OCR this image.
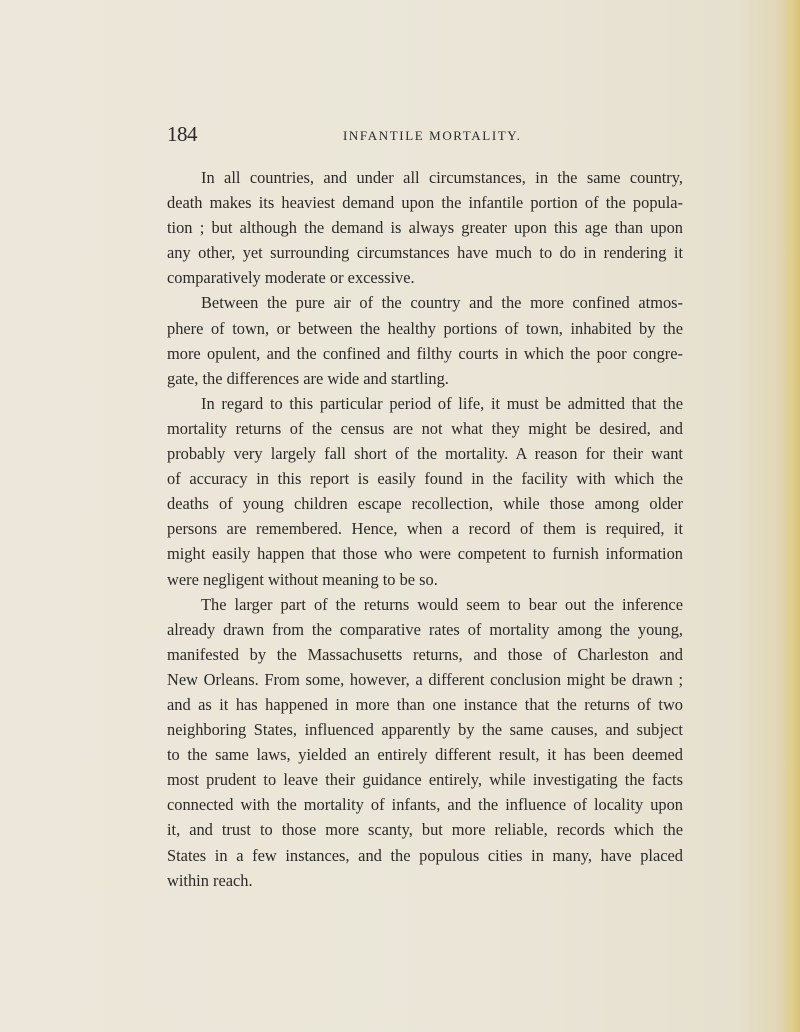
184	INFANTILE MORTALITY.

In all countries, and under all circumstances, in the same country,
death makes its heaviest demand upon the infantile portion of the popula-
tion ; but although the demand is always greater upon this age than upon
any other, yet surrounding circumstances have much to do in rendering it
comparatively moderate or excessive.

Between the pure air of the country and the more confined atmos-
phere of town, or between the healthy portions of town, inhabited by the
more opulent, and the confined and filthy courts in which the poor congre-
gate, the differences are wide and startling.

In regard to this particular period of life, it must be admitted that the
mortality returns of the census are not what they might be desired, and
probably very largely fall short of the mortality. A reason for their want
of accuracy in this report is easily found in the facility with which the
deaths of young children escape recollection, while those among older
persons are remembered. Hence, when a record of them is required, it
might easily happen that those who were competent to furnish information
were negligent without meaning to be so.

The larger part of the returns would seem to bear out the inference
already drawn from the comparative rates of mortality among the young,
manifested by the Massachusetts returns, and those of Charleston and
New Orleans. From some, however, a different conclusion might be drawn ;
and as it has happened in more than one instance that the returns of two
neighboring States, influenced apparently by the same causes, and subject
to the same laws, yielded an entirely different result, it has been deemed
most prudent to leave their guidance entirely, while investigating the facts
connected with the mortality of infants, and the influence of locality upon
it, and trust to those more scanty, but more reliable, records which the
States in a few instances, and the populous cities in many, have placed
within reach.
